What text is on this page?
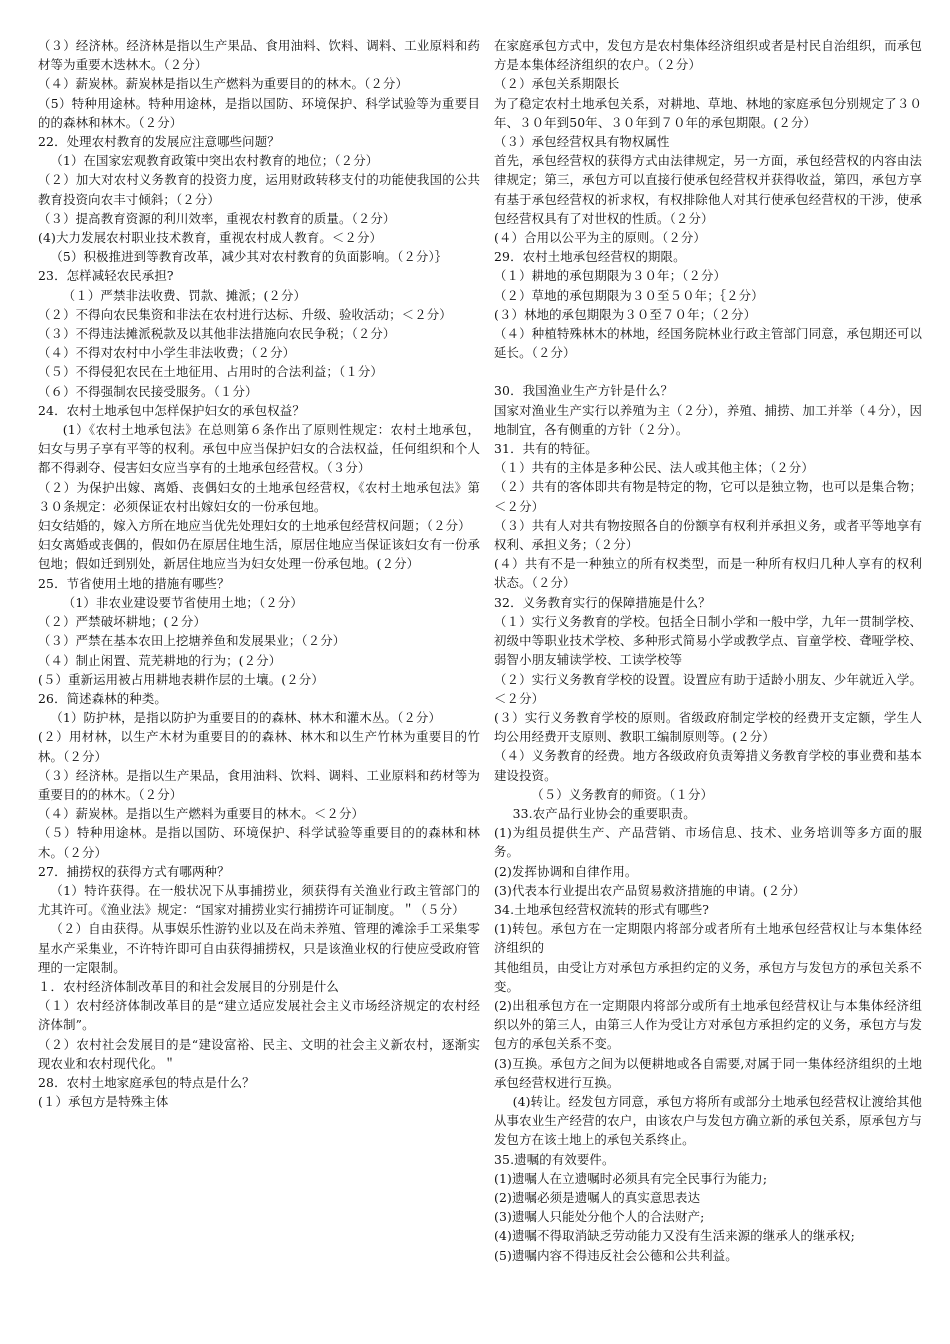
（３）经济林。经济林是指以生产果品、食用油料、饮料、调料、工业原料和药材等为重要木迭林木。（２分）

（４）薪炭林。薪炭林是指以生产燃料为重要目的的林木。（２分）

（5）特种用途林。特种用途林，是指以国防、环境保护、科学试验等为重要目的的森林和林木。（２分）

22．处理农村教育的发展应注意哪些问题？

（1）在国家宏观教育政策中突出农村教育的地位；（２分）

（２）加大对农村义务教育的投资力度，运用财政转移支付的功能使我国的公共教育投资向农丰寸倾斜；（２分）

（３）提高教育资源的利川效率，重视农村教育的质量。（２分）

(4)大力发展农村职业技术教育，重视农村成人教育。＜２分）

（5）积极推进到等教育改革，减少其对农村教育的负面影响。（２分）｝

23．怎样减轻农民承担?

（１）严禁非法收费、罚款、摊派；(２分）

（２）不得向农民集资和非法在农村进行达标、升级、验收活动；＜２分）

（３）不得违法摊派税款及以其他非法措施向农民争税；（２分）

（４）不得对农村中小学生非法收费；（２分）

（５）不得侵犯农民在土地征用、占用时的合法利益；（１分）

（６）不得强制农民接受服务。（１分）

24．农村土地承包中怎样保护妇女的承包权益？

(1）《农村土地承包法》在总则第６条作出了原则性规定：农村土地承包，妇女与男子享有平等的权利。承包中应当保护妇女的合法权益，任何组织和个人都不得剥夺、侵害妇女应当享有的土地承包经营权。（３分）

（２）为保护出嫁、离婚、丧偶妇女的土地承包经营权，《农村土地承包法》第３０条规定：必须保证农村出嫁妇女的一份承包地。

妇女结婚的，嫁入方所在地应当优先处理妇女的土地承包经营权问题；（２分）

妇女离婚或丧偶的，假如仍在原居住地生活，原居住地应当保证该妇女有一份承包地；假如迁到别处，新居住地应当为妇女处理一份承包地。(２分）

25．节省使用土地的措施有哪些？

（1）非农业建设要节省使用土地；（２分）

（２）严禁破坏耕地；(２分）

（３）严禁在基本农田上挖塘养鱼和发展果业；（２分）

（４）制止闲置、荒芜耕地的行为；(２分）

(５）重新运用被占用耕地表耕作层的土壤。(２分）

26．简述森林的种类。

（1）防护林，是指以防护为重要目的的森林、林木和灌木丛。（２分）

(２）用材林，以生产木材为重要目的的森林、林木和以生产竹林为重要目的竹林。（２分）

（３）经济林。是指以生产果品，食用油料、饮料、调料、工业原料和药材等为重要目的的林木。（２分）

（４）薪炭林。是指以生产燃料为重要目的林木。＜２分）

（５）特种用途林。是指以国防、环境保护、科学试验等重要目的的森林和林木。（２分）

27．捕捞权的获得方式有哪两种？

（1）特许获得。在一般状况下从事捕捞业，须获得有关渔业行政主管部门的尤其许可。《渔业法》规定：“国家对捕捞业实行捕捞许可证制度。＂（５分）

（２）自由获得。从事娱乐性游钓业以及在尚未养殖、管理的滩涂手工采集零星水产采集业，不许特许即可自由获得捕捞权，只是该渔业权的行使应受政府管理的一定限制。

１．农村经济体制改革目的和社会发展目的分别是什么

（１）农村经济体制改革目的是“建立适应发展社会主义市场经济规定的农村经济体制”。

（２）农村社会发展目的是“建设富裕、民主、文明的社会主义新农村，逐渐实现农业和农村现代化。＂

28．农村土地家庭承包的特点是什么？

(１）承包方是特殊主体

在家庭承包方式中，发包方是农村集体经济组织或者是村民自治组织，而承包方是本集体经济组织的农户。（２分）

（２）承包关系期限长

为了稳定农村土地承包关系，对耕地、草地、林地的家庭承包分别规定了３０年、３０年到50年、３０年到７０年的承包期限。(２分）

（３）承包经营权具有物权属性

首先，承包经营权的获得方式由法律规定，另一方面，承包经营权的内容由法律规定；第三，承包方可以直接行使承包经营权并获得收益，第四，承包方享有基于承包经营权的祈求权，有权排除他人对其行使承包经营权的干涉，使承包经营权具有了对世权的性质。（２分）

(４）合用以公平为主的原则。（２分）

29．农村土地承包经营权的期限。

（１）耕地的承包期限为３０年；（２分）

（２）草地的承包期限为３０至５０年；｛２分）

(３）林地的承包期限为３０至７０年；（２分）

（４）种植特殊林木的林地，经国务院林业行政主管部门同意，承包期还可以延长。（２分）

30．我国渔业生产方针是什么？

国家对渔业生产实行以养殖为主（２分），养殖、捕捞、加工并举（４分），因地制宜，各有侧重的方针（２分）。

31．共有的特征。

（１）共有的主体是多种公民、法人或其他主体；（２分）

（２）共有的客体即共有物是特定的物，它可以是独立物，也可以是集合物；＜２分）

（３）共有人对共有物按照各自的份额享有权利并承担义务，或者平等地享有权利、承担义务；（２分）

(４）共有不是一种独立的所有权类型，而是一种所有权归几种人享有的权利状态。（２分）

32．义务教育实行的保障措施是什么？

（１）实行义务教育的学校。包括全日制小学和一般中学，九年一贯制学校、初级中等职业技术学校、多种形式简易小学或教学点、盲童学校、聋哑学校、弱智小朋友辅读学校、工读学校等

（２）实行义务教育学校的设置。设置应有助于适龄小朋友、少年就近入学。＜２分）

(３）实行义务教育学校的原则。省级政府制定学校的经费开支定额，学生人均公用经费开支原则、教职工编制原则等。(２分）

（４）义务教育的经费。地方各级政府负责筹措义务教育学校的事业费和基本建设投资。

（５）义务教育的师资。（１分）

33.农产品行业协会的重要职责。

(1)为组员提供生产、产品营销、市场信息、技术、业务培训等多方面的服务。

(2)发挥协调和自律作用。

(3)代表本行业提出农产品贸易救济措施的申请。(２分）

34.土地承包经营权流转的形式有哪些?

(1)转包。承包方在一定期限内将部分或者所有土地承包经营权让与本集体经济组织的

其他组员，由受让方对承包方承担约定的义务，承包方与发包方的承包关系不变。

(2)出租承包方在一定期限内将部分或所有土地承包经营权让与本集体经济组织以外的第三人，由第三人作为受让方对承包方承担约定的义务，承包方与发包方的承包关系不变。

(3)互换。承包方之间为以便耕地或各自需要,对属于同一集体经济组织的土地承包经营权进行互换。

(4)转让。经发包方同意，承包方将所有或部分土地承包经营权让渡给其他从事农业生产经营的农户，由该农户与发包方确立新的承包关系，原承包方与发包方在该土地上的承包关系终止。

35.遗嘱的有效要件。

(1)遗嘱人在立遗嘱时必须具有完全民事行为能力;

(2)遗嘱必须是遗嘱人的真实意思表达

(3)遗嘱人只能处分他个人的合法财产;

(4)遗嘱不得取消缺乏劳动能力又没有生活来源的继承人的继承权;

(5)遗嘱内容不得违反社会公德和公共利益。
